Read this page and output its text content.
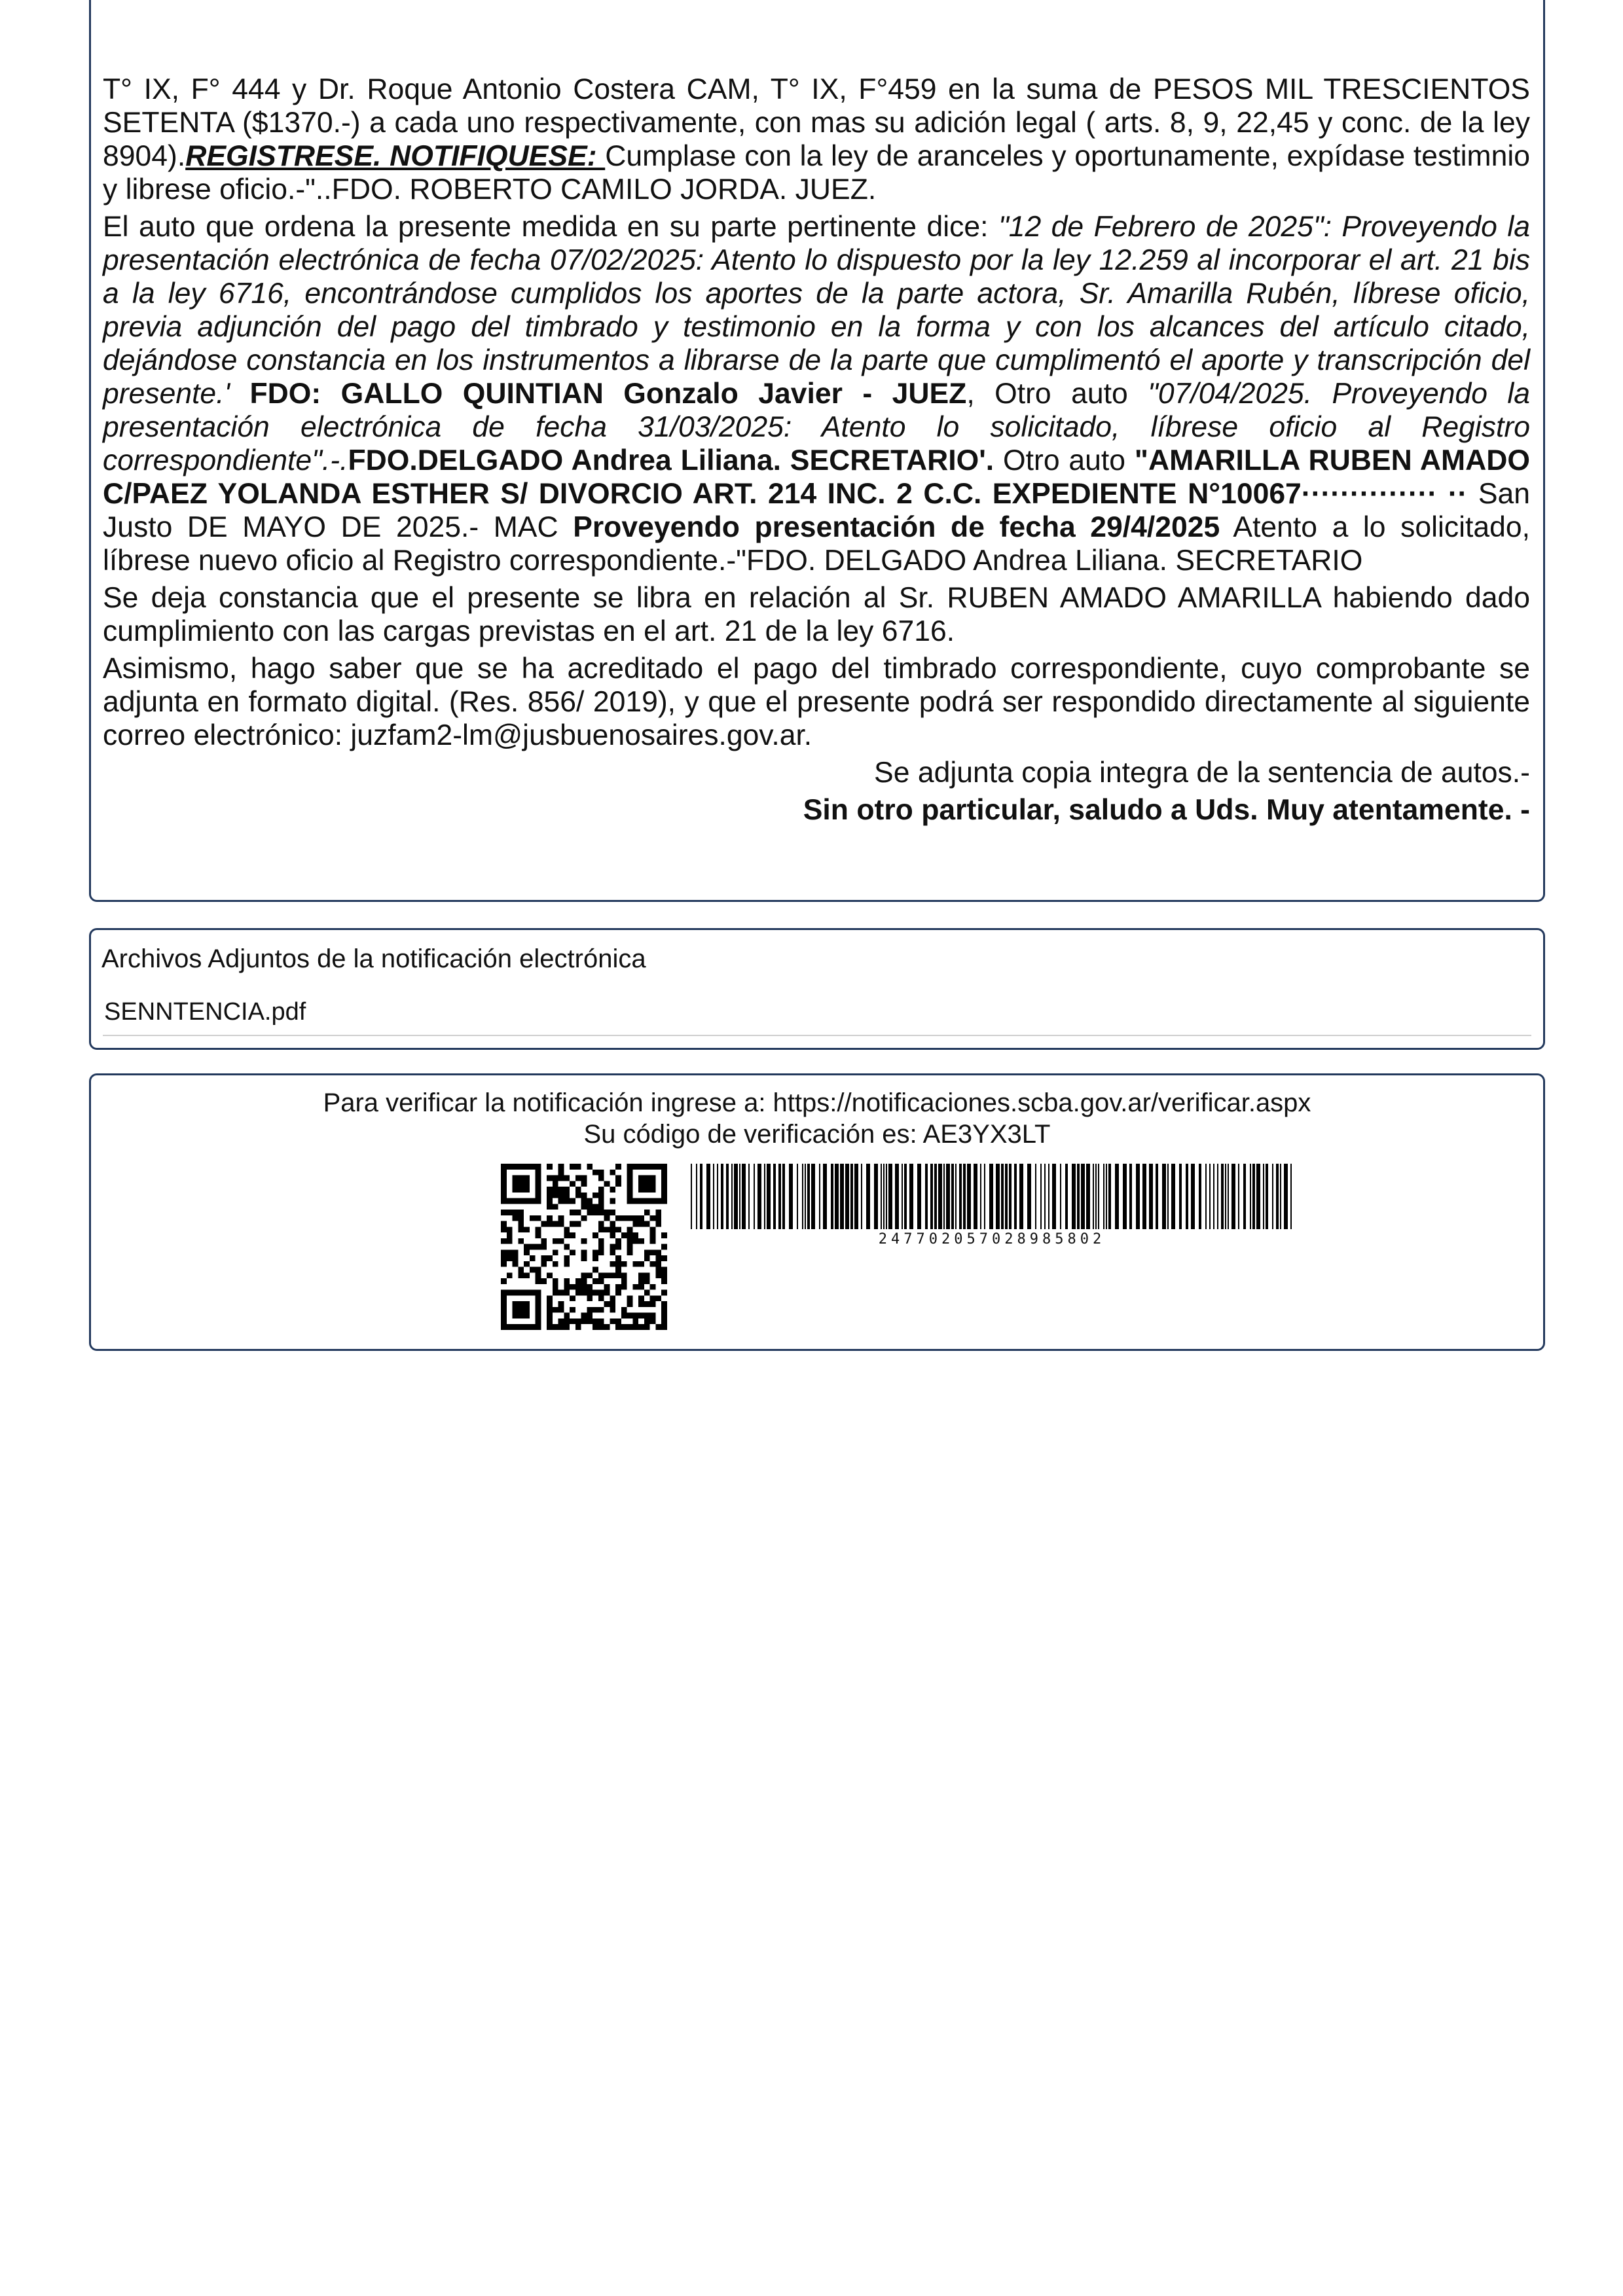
T° IX, F° 444 y Dr. Roque Antonio Costera CAM, T° IX, F°459 en la suma de PESOS MIL TRESCIENTOS SETENTA ($1370.-) a cada uno respectivamente, con mas su adición legal ( arts. 8, 9, 22,45 y conc. de la ley 8904).REGISTRESE. NOTIFIQUESE: Cumplase con la ley de aranceles y oportunamente, expídase testimnio y librese oficio.-"..FDO. ROBERTO CAMILO JORDA. JUEZ.

El auto que ordena la presente medida en su parte pertinente dice: "12 de Febrero de 2025": Proveyendo la presentación electrónica de fecha 07/02/2025: Atento lo dispuesto por la ley 12.259 al incorporar el art. 21 bis a la ley 6716, encontrándose cumplidos los aportes de la parte actora, Sr. Amarilla Rubén, líbrese oficio, previa adjunción del pago del timbrado y testimonio en la forma y con los alcances del artículo citado, dejándose constancia en los instrumentos a librarse de la parte que cumplimentó el aporte y transcripción del presente.' FDO: GALLO QUINTIAN Gonzalo Javier - JUEZ, Otro auto "07/04/2025. Proveyendo la presentación electrónica de fecha 31/03/2025: Atento lo solicitado, líbrese oficio al Registro correspondiente".-.FDO.DELGADO Andrea Liliana. SECRETARIO'. Otro auto "AMARILLA RUBEN AMADO C/PAEZ YOLANDA ESTHER S/ DIVORCIO ART. 214 INC. 2 C.C. EXPEDIENTE N°10067·············· ·· San Justo DE MAYO DE 2025.- MAC Proveyendo presentación de fecha 29/4/2025 Atento a lo solicitado, líbrese nuevo oficio al Registro correspondiente.-"FDO. DELGADO Andrea Liliana. SECRETARIO

Se deja constancia que el presente se libra en relación al Sr. RUBEN AMADO AMARILLA habiendo dado cumplimiento con las cargas previstas en el art. 21 de la ley 6716.

Asimismo, hago saber que se ha acreditado el pago del timbrado correspondiente, cuyo comprobante se adjunta en formato digital. (Res. 856/ 2019), y que el presente podrá ser respondido directamente al siguiente correo electrónico: juzfam2-lm@jusbuenosaires.gov.ar.

Se adjunta copia integra de la sentencia de autos.-

Sin otro particular, saludo a Uds. Muy atentamente. -

Archivos Adjuntos de la notificación electrónica
SENNTENCIA.pdf
Para verificar la notificación ingrese a: https://notificaciones.scba.gov.ar/verificar.aspx
Su código de verificación es: AE3YX3LT
247702057028985802
